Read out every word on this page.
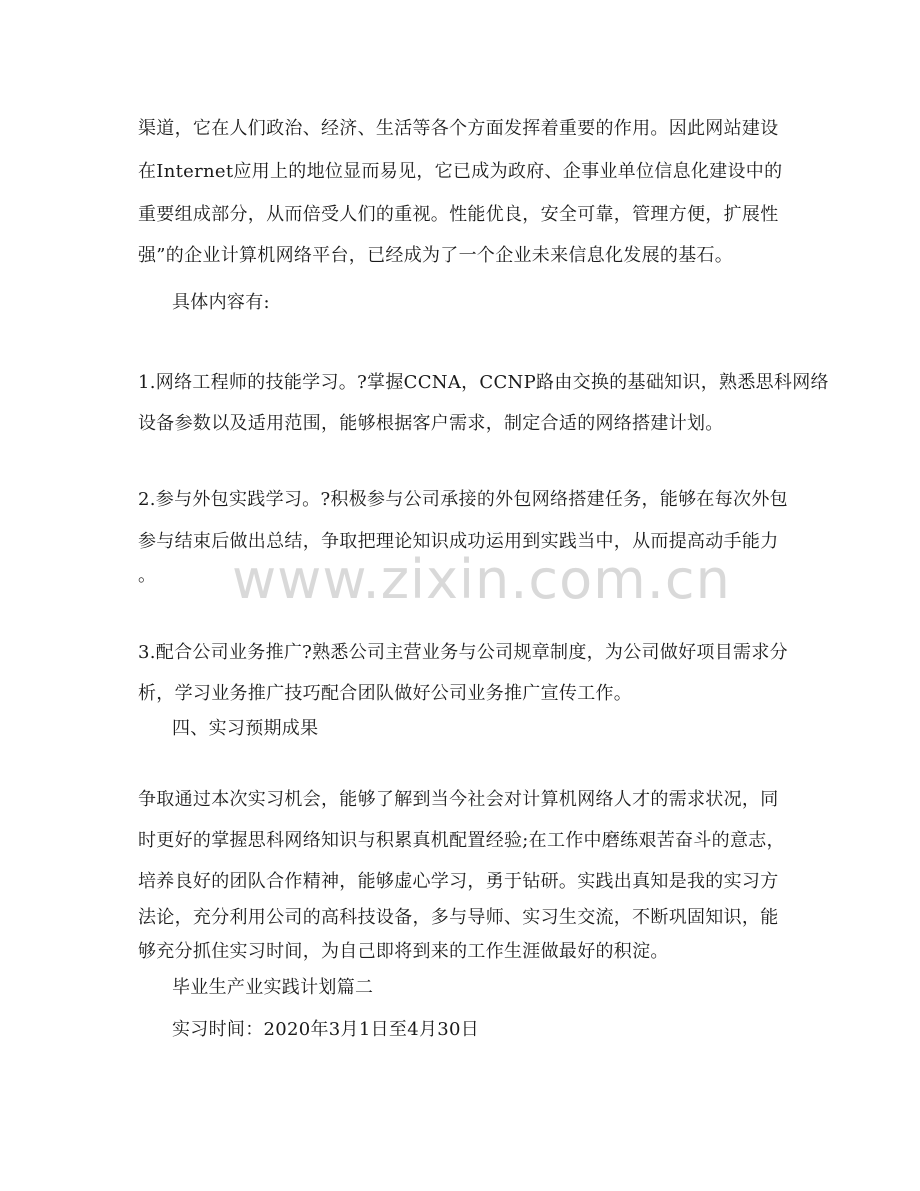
www.zixin.com.cn
渠道，它在人们政治、经济、生活等各个方面发挥着重要的作用。因此网站建设
在Internet应用上的地位显而易见，它已成为政府、企事业单位信息化建设中的
重要组成部分，从而倍受人们的重视。性能优良，安全可靠，管理方便，扩展性
强”的企业计算机网络平台，已经成为了一个企业未来信息化发展的基石。
具体内容有:
1.网络工程师的技能学习。?掌握CCNA，CCNP路由交换的基础知识，熟悉思科网络
设备参数以及适用范围，能够根据客户需求，制定合适的网络搭建计划。
2.参与外包实践学习。?积极参与公司承接的外包网络搭建任务，能够在每次外包
参与结束后做出总结，争取把理论知识成功运用到实践当中，从而提高动手能力
。
3.配合公司业务推广?熟悉公司主营业务与公司规章制度，为公司做好项目需求分
析，学习业务推广技巧配合团队做好公司业务推广宣传工作。
四、实习预期成果
争取通过本次实习机会，能够了解到当今社会对计算机网络人才的需求状况，同
时更好的掌握思科网络知识与积累真机配置经验;在工作中磨练艰苦奋斗的意志，
培养良好的团队合作精神，能够虚心学习，勇于钻研。实践出真知是我的实习方
法论，充分利用公司的高科技设备，多与导师、实习生交流，不断巩固知识，能
够充分抓住实习时间，为自己即将到来的工作生涯做最好的积淀。
毕业生产业实践计划篇二
实习时间：2020年3月1日至4月30日
